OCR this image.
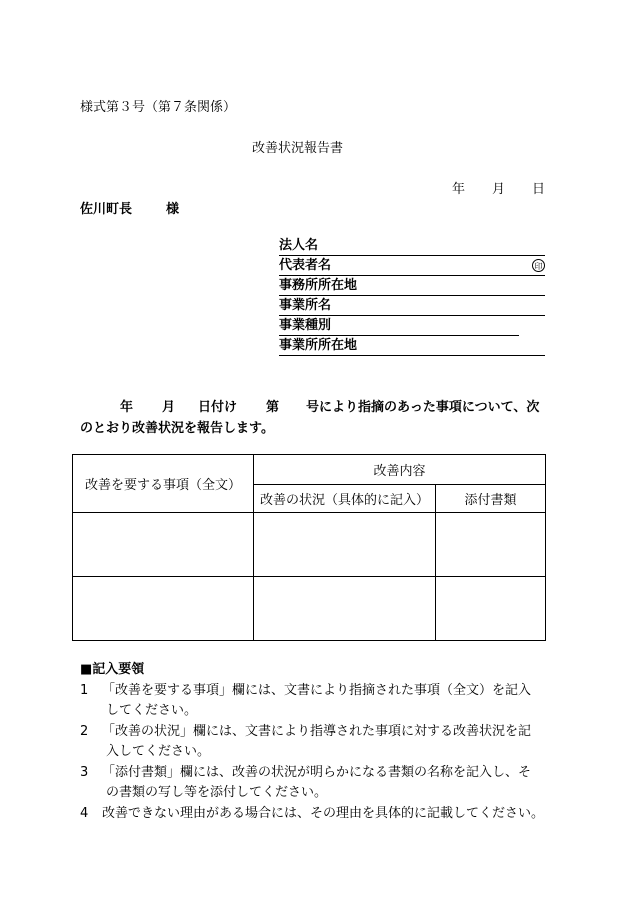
様式第３号（第７条関係）
改善状況報告書
年	月	日
佐川町長	様
法人名
代表者名	印
事務所所在地
事業所名
事業種別
事業所所在地
年	月	日付け	第	号により指摘のあった事項について、次
のとおり改善状況を報告します。
改善を要する事項（全文）	改善内容	
	改善の状況（具体的に記入）	添付書類

■記入要領
1	「改善を要する事項」欄には、文書により指摘された事項（全文）を記入
してください。
2	「改善の状況」欄には、文書により指導された事項に対する改善状況を記
入してください。
3	「添付書類」欄には、改善の状況が明らかになる書類の名称を記入し、そ
の書類の写し等を添付してください。
4	改善できない理由がある場合には、その理由を具体的に記載してください。
